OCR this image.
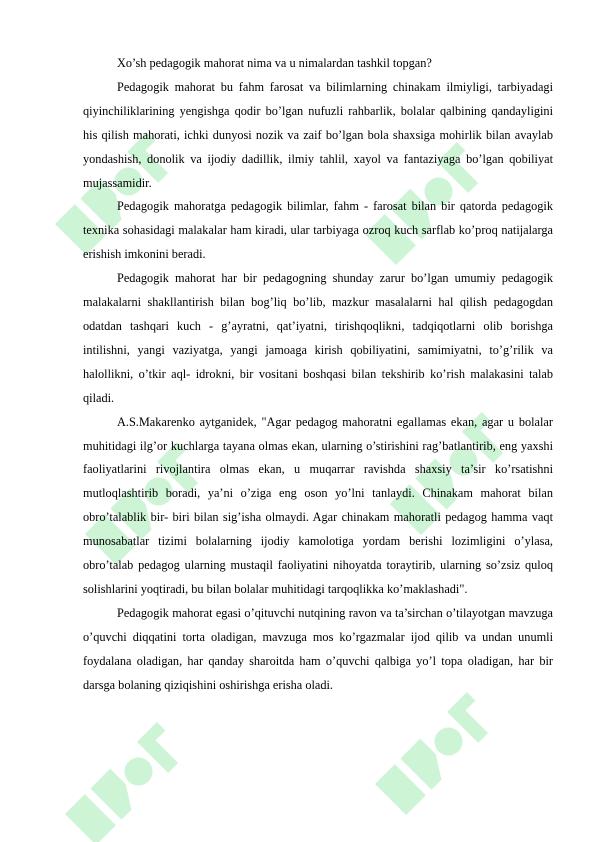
Xo’sh pedagogik mahorat nima va u nimalardan tashkil topgan?

Pedagogik mahorat bu fahm farosat va bilimlarning chinakam ilmiyligi, tarbiyadagi qiyinchiliklarining yengishga qodir bo’lgan nufuzli rahbarlik, bolalar qalbining qandayligini his qilish mahorati, ichki dunyosi nozik va zaif bo’lgan bola shaxsiga mohirlik bilan avaylab yondashish, donolik va ijodiy dadillik, ilmiy tahlil, xayol va fantaziyaga bo’lgan qobiliyat mujassamidir.

Pedagogik mahoratga pedagogik bilimlar, fahm - farosat bilan bir qatorda pedagogik texnika sohasidagi malakalar ham kiradi, ular tarbiyaga ozroq kuch sarflab ko’proq natijalarga erishish imkonini beradi.

Pedagogik mahorat har bir pedagogning shunday zarur bo’lgan umumiy pedagogik malakalarni shakllantirish bilan bog’liq bo’lib, mazkur masalalarni hal qilish pedagogdan odatdan tashqari kuch - g’ayratni, qat’iyatni, tirishqoqlikni, tadqiqotlarni olib borishga intilishni, yangi vaziyatga, yangi jamoaga kirish qobiliyatini, samimiyatni, to’g’rilik va halollikni, o’tkir aql- idrokni, bir vositani boshqasi bilan tekshirib ko’rish malakasini talab qiladi.

A.S.Makarenko aytganidek, "Agar pedagog mahoratni egallamas ekan, agar u bolalar muhitidagi ilg’or kuchlarga tayana olmas ekan, ularning o’stirishini rag’batlantirib, eng yaxshi faoliyatlarini rivojlantira olmas ekan, u muqarrar ravishda shaxsiy ta’sir ko’rsatishni mutloqlashtirib boradi, ya’ni o’ziga eng oson yo’lni tanlaydi. Chinakam mahorat bilan obro’talablik bir- biri bilan sig’isha olmaydi. Agar chinakam mahoratli pedagog hamma vaqt munosabatlar tizimi bolalarning ijodiy kamolotiga yordam berishi lozimligini o’ylasa, obro’talab pedagog ularning mustaqil faoliyatini nihoyatda toraytirib, ularning so’zsiz quloq solishlarini yoqtiradi, bu bilan bolalar muhitidagi tarqoqlikka ko’maklashadi".

Pedagogik mahorat egasi o’qituvchi nutqining ravon va ta’sirchan o’tilayotgan mavzuga o’quvchi diqqatini torta oladigan, mavzuga mos ko’rgazmalar ijod qilib va undan unumli foydalana oladigan, har qanday sharoitda ham o’quvchi qalbiga yo’l topa oladigan, har bir darsga bolaning qiziqishini oshirishga erisha oladi.
